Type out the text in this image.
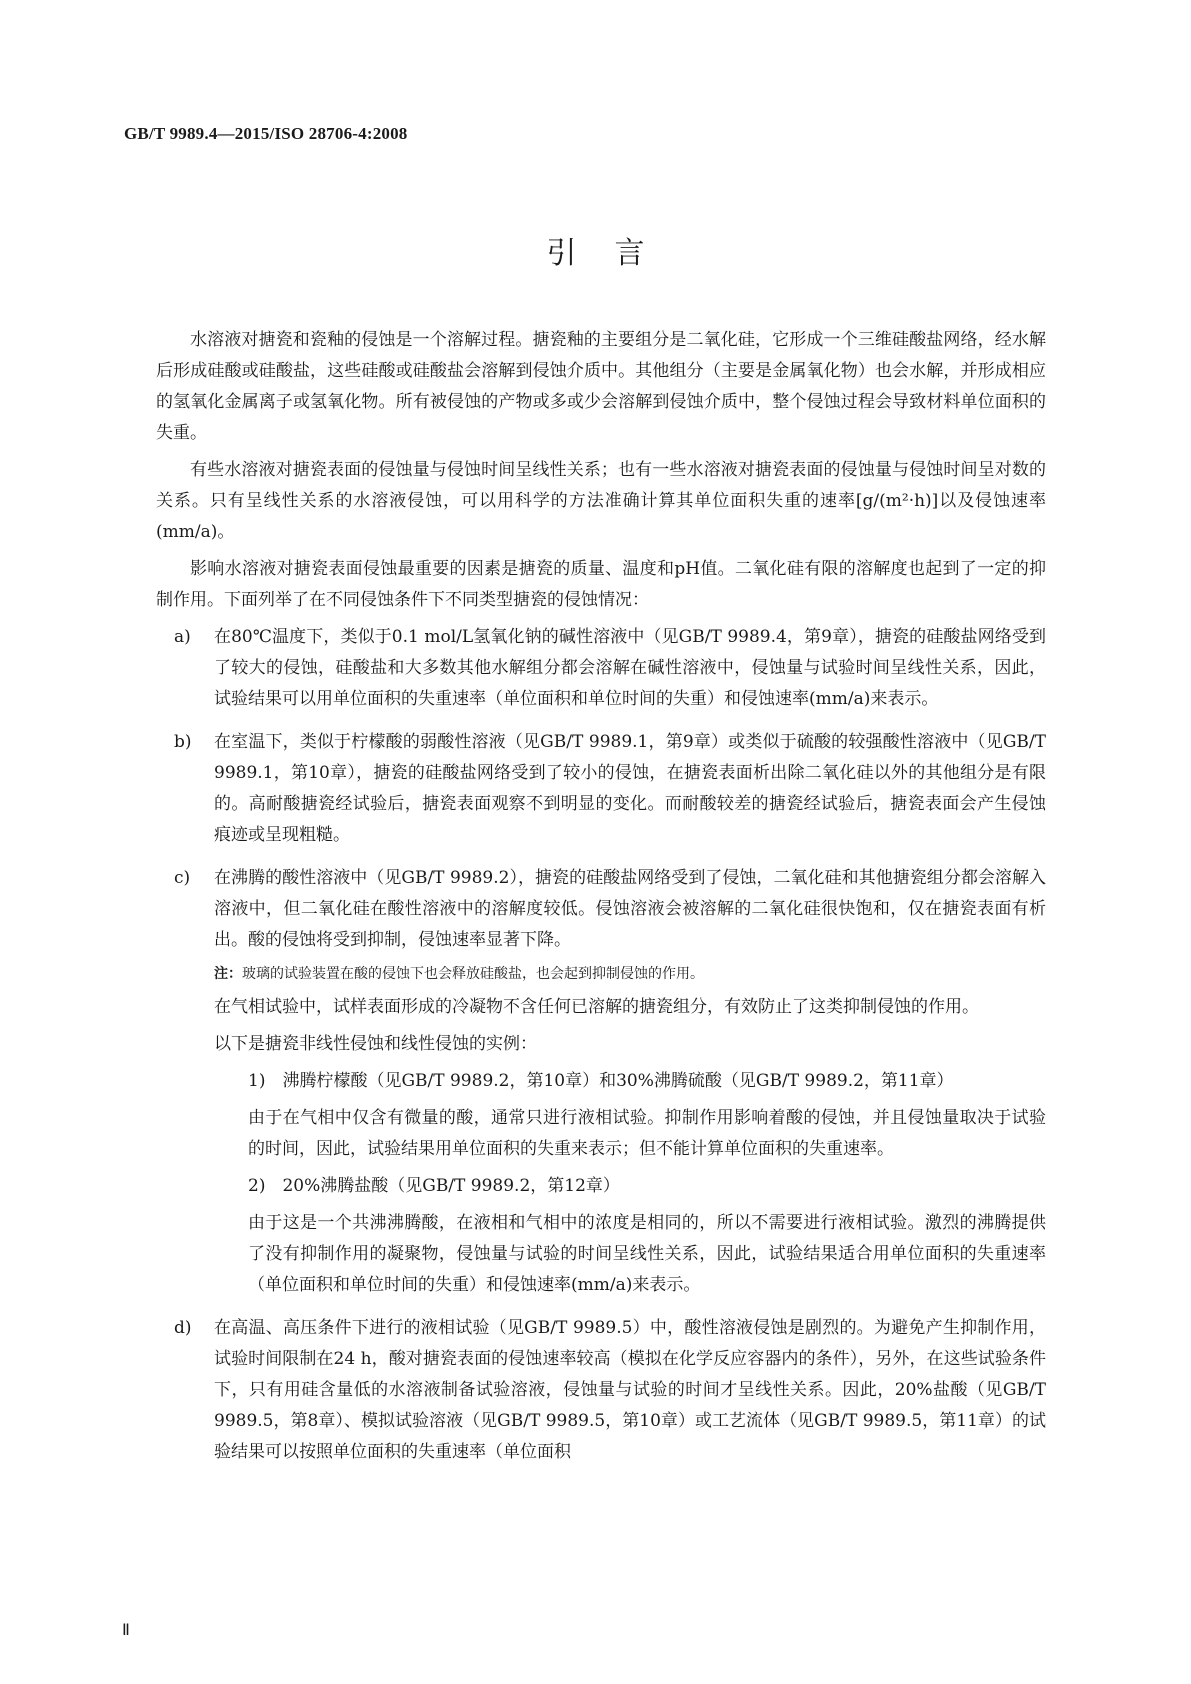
GB/T 9989.4—2015/ISO 28706-4:2008
引言

水溶液对搪瓷和瓷釉的侵蚀是一个溶解过程。搪瓷釉的主要组分是二氧化硅，它形成一个三维硅酸盐网络，经水解后形成硅酸或硅酸盐，这些硅酸或硅酸盐会溶解到侵蚀介质中。其他组分（主要是金属氧化物）也会水解，并形成相应的氢氧化金属离子或氢氧化物。所有被侵蚀的产物或多或少会溶解到侵蚀介质中，整个侵蚀过程会导致材料单位面积的失重。

有些水溶液对搪瓷表面的侵蚀量与侵蚀时间呈线性关系；也有一些水溶液对搪瓷表面的侵蚀量与侵蚀时间呈对数的关系。只有呈线性关系的水溶液侵蚀，可以用科学的方法准确计算其单位面积失重的速率[g/(m²·h)]以及侵蚀速率(mm/a)。

影响水溶液对搪瓷表面侵蚀最重要的因素是搪瓷的质量、温度和pH值。二氧化硅有限的溶解度也起到了一定的抑制作用。下面列举了在不同侵蚀条件下不同类型搪瓷的侵蚀情况：

a)	在80℃温度下，类似于0.1 mol/L氢氧化钠的碱性溶液中（见GB/T 9989.4，第9章），搪瓷的硅酸盐网络受到了较大的侵蚀，硅酸盐和大多数其他水解组分都会溶解在碱性溶液中，侵蚀量与试验时间呈线性关系，因此，试验结果可以用单位面积的失重速率（单位面积和单位时间的失重）和侵蚀速率(mm/a)来表示。

b)	在室温下，类似于柠檬酸的弱酸性溶液（见GB/T 9989.1，第9章）或类似于硫酸的较强酸性溶液中（见GB/T 9989.1，第10章），搪瓷的硅酸盐网络受到了较小的侵蚀，在搪瓷表面析出除二氧化硅以外的其他组分是有限的。高耐酸搪瓷经试验后，搪瓷表面观察不到明显的变化。而耐酸较差的搪瓷经试验后，搪瓷表面会产生侵蚀痕迹或呈现粗糙。

c)	在沸腾的酸性溶液中（见GB/T 9989.2），搪瓷的硅酸盐网络受到了侵蚀，二氧化硅和其他搪瓷组分都会溶解入溶液中，但二氧化硅在酸性溶液中的溶解度较低。侵蚀溶液会被溶解的二氧化硅很快饱和，仅在搪瓷表面有析出。酸的侵蚀将受到抑制，侵蚀速率显著下降。

注：玻璃的试验装置在酸的侵蚀下也会释放硅酸盐，也会起到抑制侵蚀的作用。

在气相试验中，试样表面形成的冷凝物不含任何已溶解的搪瓷组分，有效防止了这类抑制侵蚀的作用。

以下是搪瓷非线性侵蚀和线性侵蚀的实例：

1)　沸腾柠檬酸（见GB/T 9989.2，第10章）和30%沸腾硫酸（见GB/T 9989.2，第11章）

由于在气相中仅含有微量的酸，通常只进行液相试验。抑制作用影响着酸的侵蚀，并且侵蚀量取决于试验的时间，因此，试验结果用单位面积的失重来表示；但不能计算单位面积的失重速率。

2)　20%沸腾盐酸（见GB/T 9989.2，第12章）

由于这是一个共沸沸腾酸，在液相和气相中的浓度是相同的，所以不需要进行液相试验。激烈的沸腾提供了没有抑制作用的凝聚物，侵蚀量与试验的时间呈线性关系，因此，试验结果适合用单位面积的失重速率（单位面积和单位时间的失重）和侵蚀速率(mm/a)来表示。

d)	在高温、高压条件下进行的液相试验（见GB/T 9989.5）中，酸性溶液侵蚀是剧烈的。为避免产生抑制作用，试验时间限制在24 h，酸对搪瓷表面的侵蚀速率较高（模拟在化学反应容器内的条件），另外，在这些试验条件下，只有用硅含量低的水溶液制备试验溶液，侵蚀量与试验的时间才呈线性关系。因此，20%盐酸（见GB/T 9989.5，第8章）、模拟试验溶液（见GB/T 9989.5，第10章）或工艺流体（见GB/T 9989.5，第11章）的试验结果可以按照单位面积的失重速率（单位面积

Ⅱ
